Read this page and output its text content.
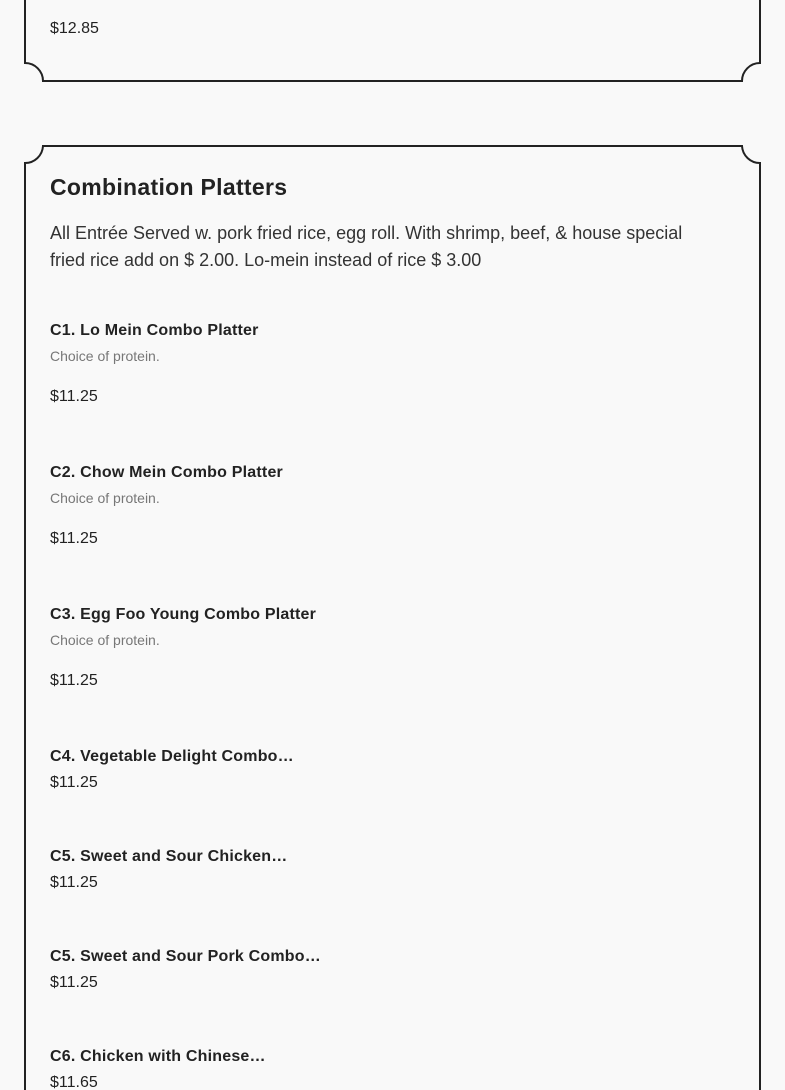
$12.85
Combination Platters

All Entrée Served w. pork fried rice, egg roll. With shrimp, beef, & house special fried rice add on $ 2.00. Lo-mein instead of rice $ 3.00

C1. Lo Mein Combo Platter
Choice of protein.
$11.25
C2. Chow Mein Combo Platter
Choice of protein.
$11.25
C3. Egg Foo Young Combo Platter
Choice of protein.
$11.25
C4. Vegetable Delight Combo…
$11.25
C5. Sweet and Sour Chicken…
$11.25
C5. Sweet and Sour Pork Combo…
$11.25
C6. Chicken with Chinese…
$11.65
